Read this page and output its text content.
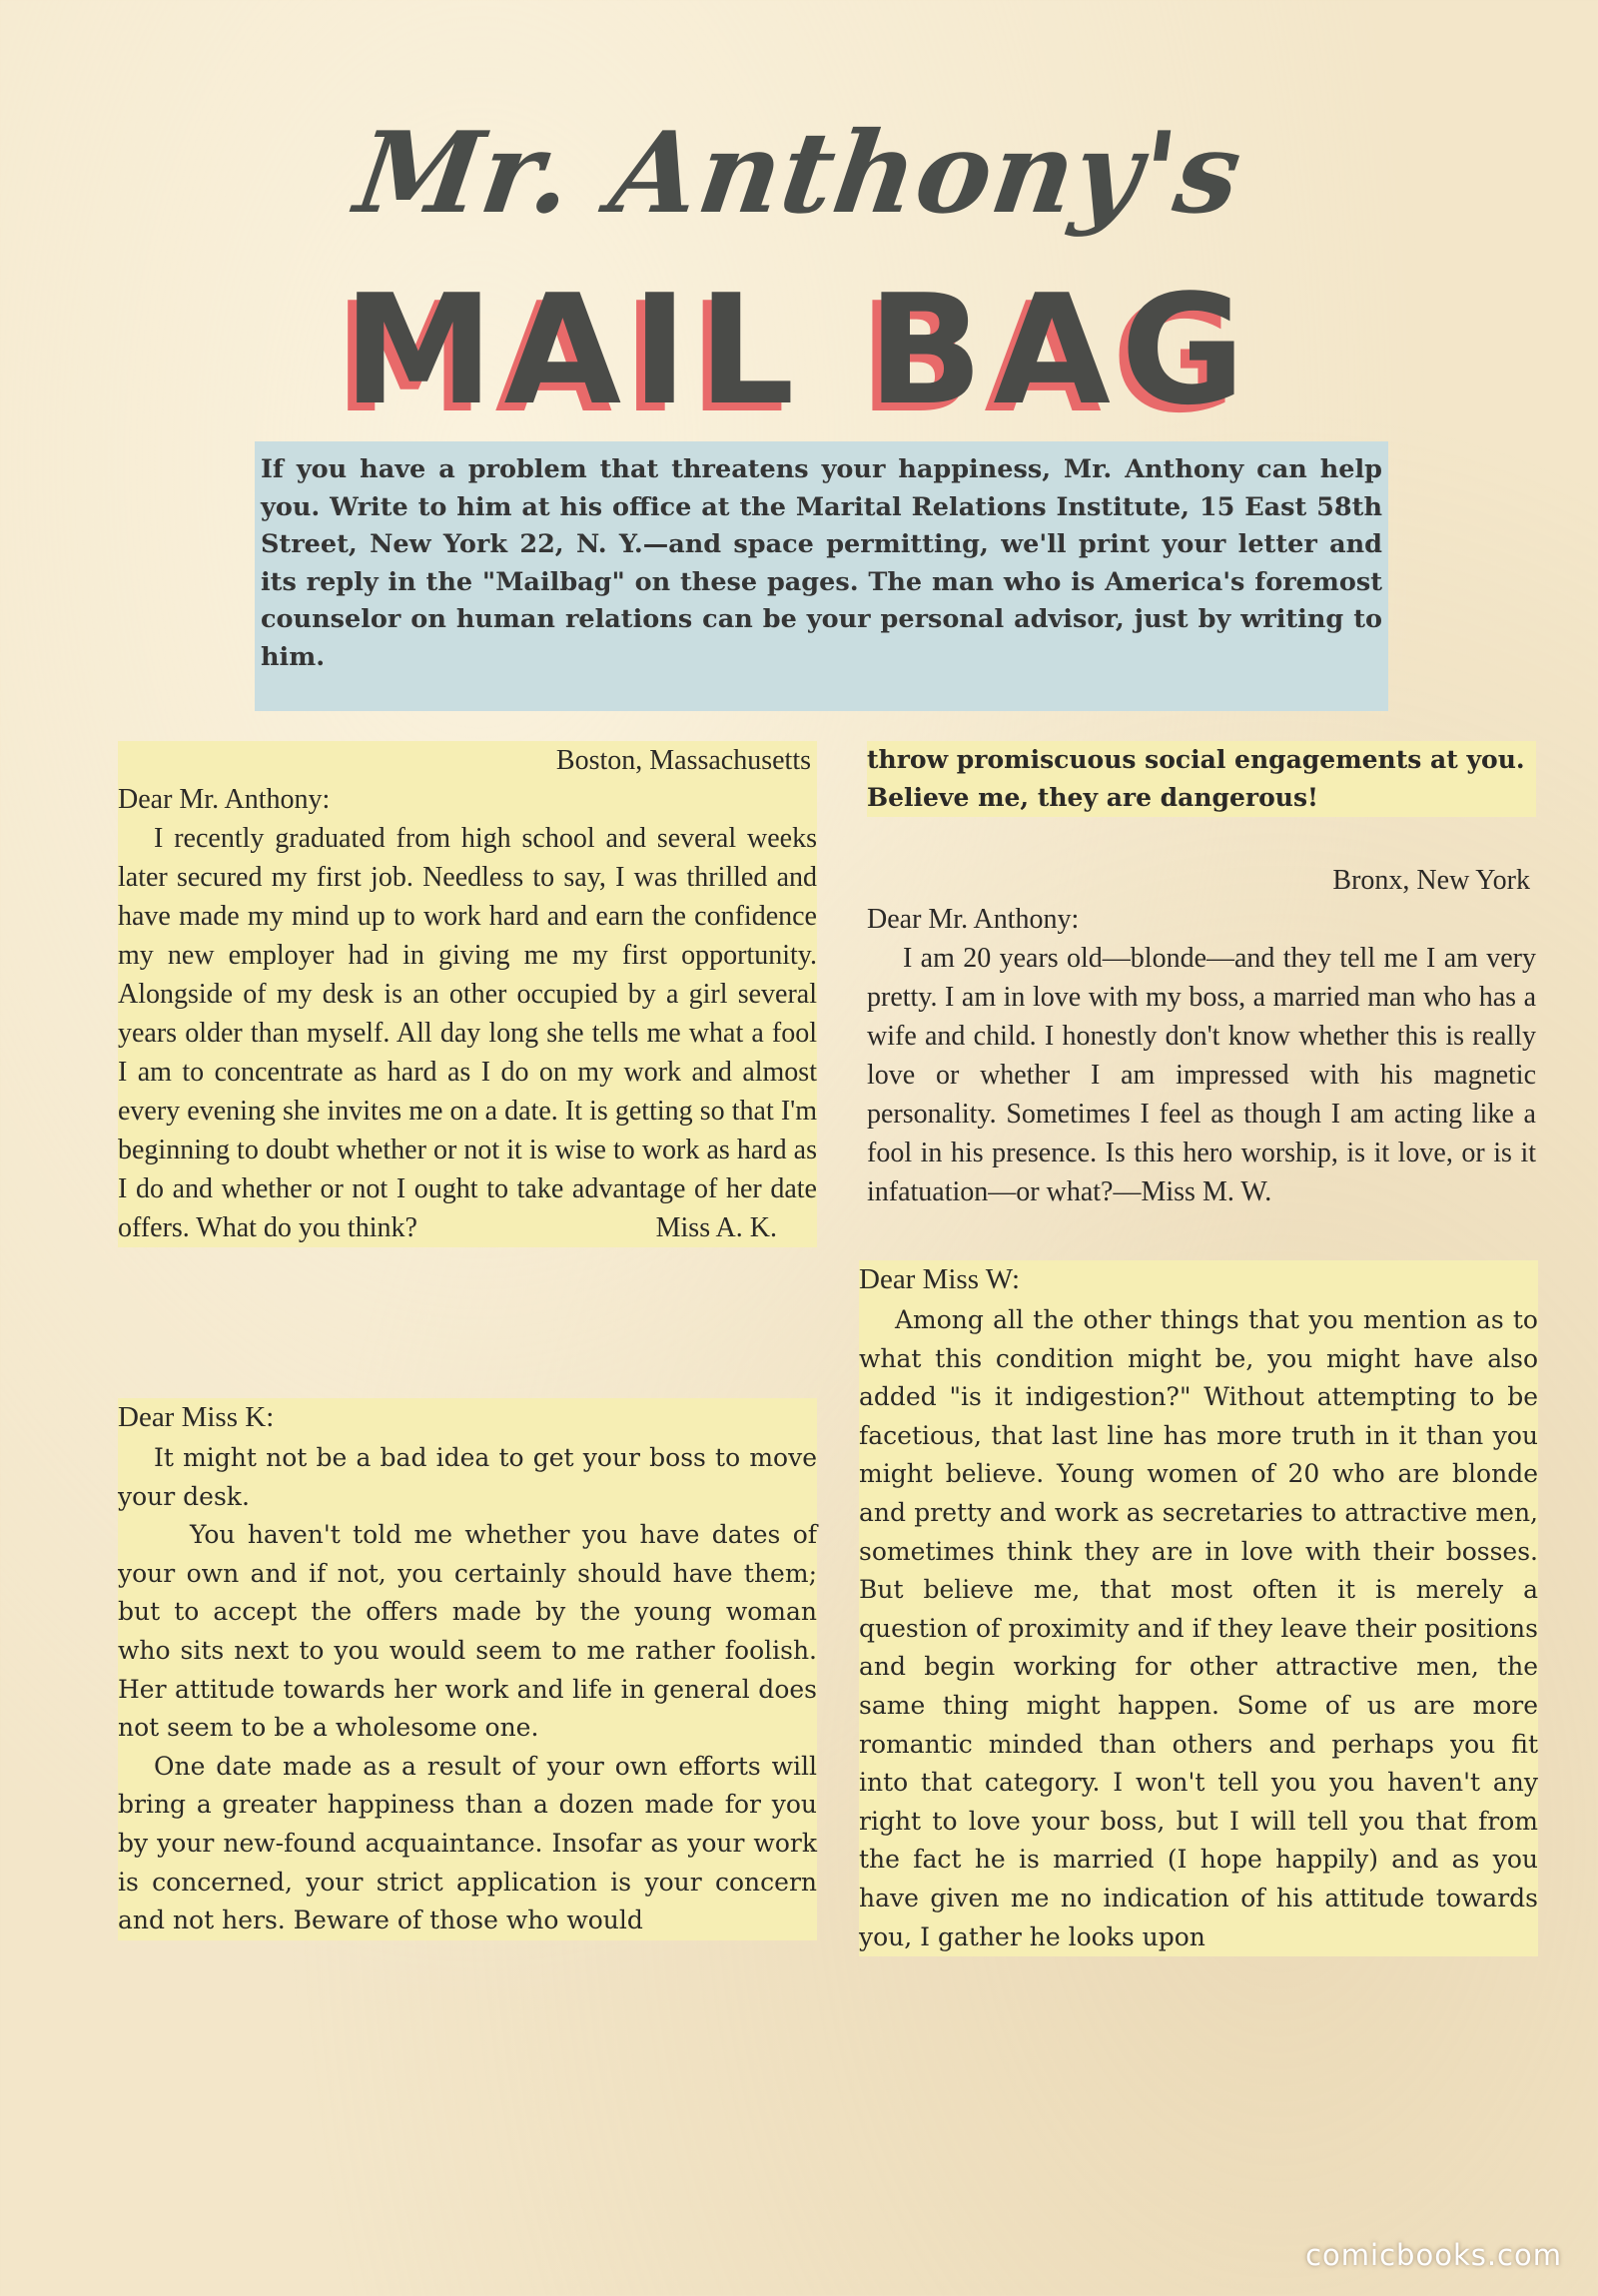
Mr. Anthony's
MAIL BAG
If you have a problem that threatens your happiness, Mr. Anthony can help you. Write to him at his office at the Marital Relations Institute, 15 East 58th Street, New York 22, N. Y.—and space permitting, we'll print your letter and its reply in the "Mailbag" on these pages. The man who is America's foremost counselor on human relations can be your personal advisor, just by writing to him.
Boston, Massachusetts
Dear Mr. Anthony:

I recently graduated from high school and several weeks later secured my first job. Needless to say, I was thrilled and have made my mind up to work hard and earn the confidence my new employer had in giving me my first opportunity. Alongside of my desk is an other occupied by a girl several years older than myself. All day long she tells me what a fool I am to concentrate as hard as I do on my work and almost every evening she invites me on a date. It is getting so that I'm beginning to doubt whether or not it is wise to work as hard as I do and whether or not I ought to take advantage of her date offers. What do you think?	Miss A. K.
Dear Miss K:

It might not be a bad idea to get your boss to move your desk.

You haven't told me whether you have dates of your own and if not, you certainly should have them; but to accept the offers made by the young woman who sits next to you would seem to me rather foolish. Her attitude towards her work and life in general does not seem to be a wholesome one.

One date made as a result of your own efforts will bring a greater happiness than a dozen made for you by your new-found acquaintance. Insofar as your work is concerned, your strict application is your concern and not hers. Beware of those who would

throw promiscuous social engagements at you. Believe me, they are dangerous!
Bronx, New York
Dear Mr. Anthony:

I am 20 years old—blonde—and they tell me I am very pretty. I am in love with my boss, a married man who has a wife and child. I honestly don't know whether this is really love or whether I am impressed with his magnetic personality. Sometimes I feel as though I am acting like a fool in his presence. Is this hero worship, is it love, or is it infatuation—or what?—Miss M. W.

Dear Miss W:

Among all the other things that you mention as to what this condition might be, you might have also added "is it indigestion?" Without attempting to be facetious, that last line has more truth in it than you might believe. Young women of 20 who are blonde and pretty and work as secretaries to attractive men, sometimes think they are in love with their bosses. But believe me, that most often it is merely a question of proximity and if they leave their positions and begin working for other attractive men, the same thing might happen. Some of us are more romantic minded than others and perhaps you fit into that category. I won't tell you you haven't any right to love your boss, but I will tell you that from the fact he is married (I hope happily) and as you have given me no indication of his attitude towards you, I gather he looks upon

comicbooks.com
